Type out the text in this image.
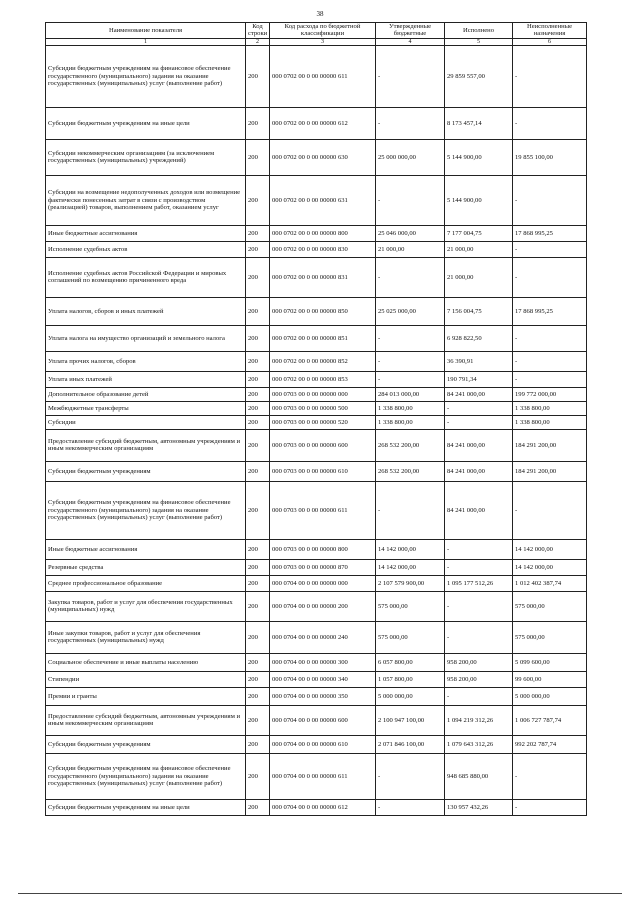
38
Наименование показателя	Код строки	Код расхода по бюджетной классификации	Утвержденные бюджетные	Исполнено	Неисполненные назначения
1	2	3	4	5	6
Субсидии бюджетным учреждениям на финансовое обеспечение государственного (муниципального) задания на оказание государственных (муниципальных) услуг (выполнение работ)	200	000 0702 00 0 00 00000 611	-	29 859 557,00	-
Субсидии бюджетным учреждениям на иные цели	200	000 0702 00 0 00 00000 612	-	8 173 457,14	-
Субсидии некоммерческим организациям (за исключением государственных (муниципальных) учреждений)	200	000 0702 00 0 00 00000 630	25 000 000,00	5 144 900,00	19 855 100,00
Субсидии на возмещение недополученных доходов или возмещение фактически понесенных затрат в связи с производством (реализацией) товаров, выполнением работ, оказанием услуг	200	000 0702 00 0 00 00000 631	-	5 144 900,00	-
Иные бюджетные ассигнования	200	000 0702 00 0 00 00000 800	25 046 000,00	7 177 004,75	17 868 995,25
Исполнение судебных актов	200	000 0702 00 0 00 00000 830	21 000,00	21 000,00	-
Исполнение судебных актов Российской Федерации и мировых соглашений по возмещению причиненного вреда	200	000 0702 00 0 00 00000 831	-	21 000,00	-
Уплата налогов, сборов и иных платежей	200	000 0702 00 0 00 00000 850	25 025 000,00	7 156 004,75	17 868 995,25
Уплата налога на имущество организаций и земельного налога	200	000 0702 00 0 00 00000 851	-	6 928 822,50	-
Уплата прочих налогов, сборов	200	000 0702 00 0 00 00000 852	-	36 390,91	-
Уплата иных платежей	200	000 0702 00 0 00 00000 853	-	190 791,34	-
Дополнительное образование детей	200	000 0703 00 0 00 00000 000	284 013 000,00	84 241 000,00	199 772 000,00
Межбюджетные трансферты	200	000 0703 00 0 00 00000 500	1 338 800,00	-	1 338 800,00
Субсидии	200	000 0703 00 0 00 00000 520	1 338 800,00	-	1 338 800,00
Предоставление субсидий бюджетным, автономным учреждениям и иным некоммерческим организациям	200	000 0703 00 0 00 00000 600	268 532 200,00	84 241 000,00	184 291 200,00
Субсидии бюджетным учреждениям	200	000 0703 00 0 00 00000 610	268 532 200,00	84 241 000,00	184 291 200,00
Субсидии бюджетным учреждениям на финансовое обеспечение государственного (муниципального) задания на оказание государственных (муниципальных) услуг (выполнение работ)	200	000 0703 00 0 00 00000 611	-	84 241 000,00	-
Иные бюджетные ассигнования	200	000 0703 00 0 00 00000 800	14 142 000,00	-	14 142 000,00
Резервные средства	200	000 0703 00 0 00 00000 870	14 142 000,00	-	14 142 000,00
Среднее профессиональное образование	200	000 0704 00 0 00 00000 000	2 107 579 900,00	1 095 177 512,26	1 012 402 387,74
Закупка товаров, работ и услуг для обеспечения государственных (муниципальных) нужд	200	000 0704 00 0 00 00000 200	575 000,00	-	575 000,00
Иные закупки товаров, работ и услуг для обеспечения государственных (муниципальных) нужд	200	000 0704 00 0 00 00000 240	575 000,00	-	575 000,00
Социальное обеспечение и иные выплаты населению	200	000 0704 00 0 00 00000 300	6 057 800,00	958 200,00	5 099 600,00
Стипендии	200	000 0704 00 0 00 00000 340	1 057 800,00	958 200,00	99 600,00
Премии и гранты	200	000 0704 00 0 00 00000 350	5 000 000,00	-	5 000 000,00
Предоставление субсидий бюджетным, автономным учреждениям и иным некоммерческим организациям	200	000 0704 00 0 00 00000 600	2 100 947 100,00	1 094 219 312,26	1 006 727 787,74
Субсидии бюджетным учреждениям	200	000 0704 00 0 00 00000 610	2 071 846 100,00	1 079 643 312,26	992 202 787,74
Субсидии бюджетным учреждениям на финансовое обеспечение государственного (муниципального) задания на оказание государственных (муниципальных) услуг (выполнение работ)	200	000 0704 00 0 00 00000 611	-	948 685 880,00	-
Субсидии бюджетным учреждениям на иные цели	200	000 0704 00 0 00 00000 612	-	130 957 432,26	-
